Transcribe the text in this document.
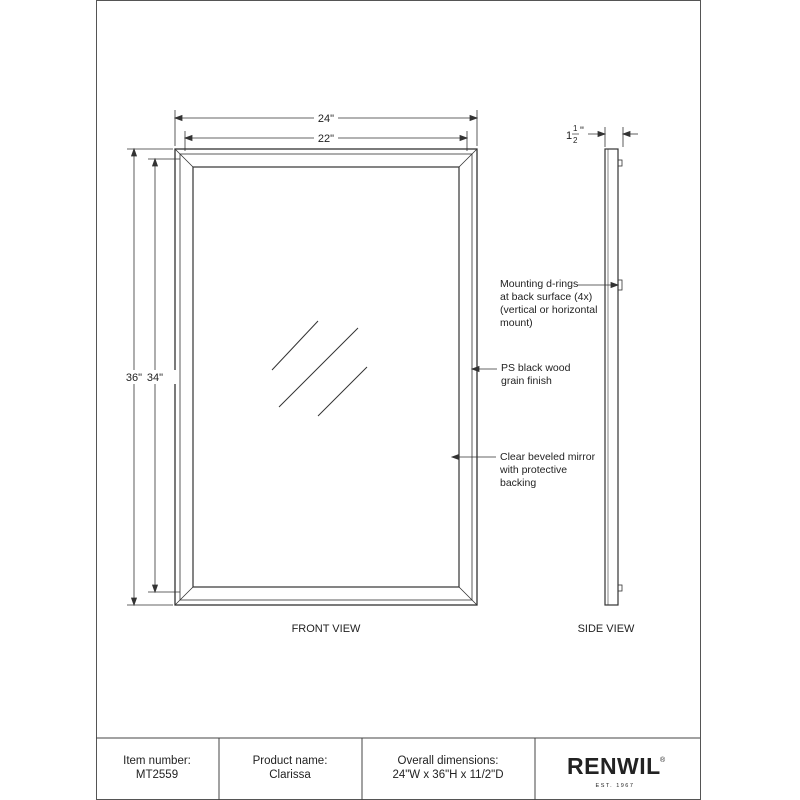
24"
22"
36" 34"
FRONT VIEW	SIDE VIEW
1
1
2
"
Mounting d-rings at back surface (4x) (vertical or horizontal mount)
PS black wood grain finish
Clear beveled mirror with protective backing
Item number:
MT2559
Product name:
Clarissa
Overall dimensions:
24"W x 36"H x 11/2"D	RENWIL ®
EST. 1967
